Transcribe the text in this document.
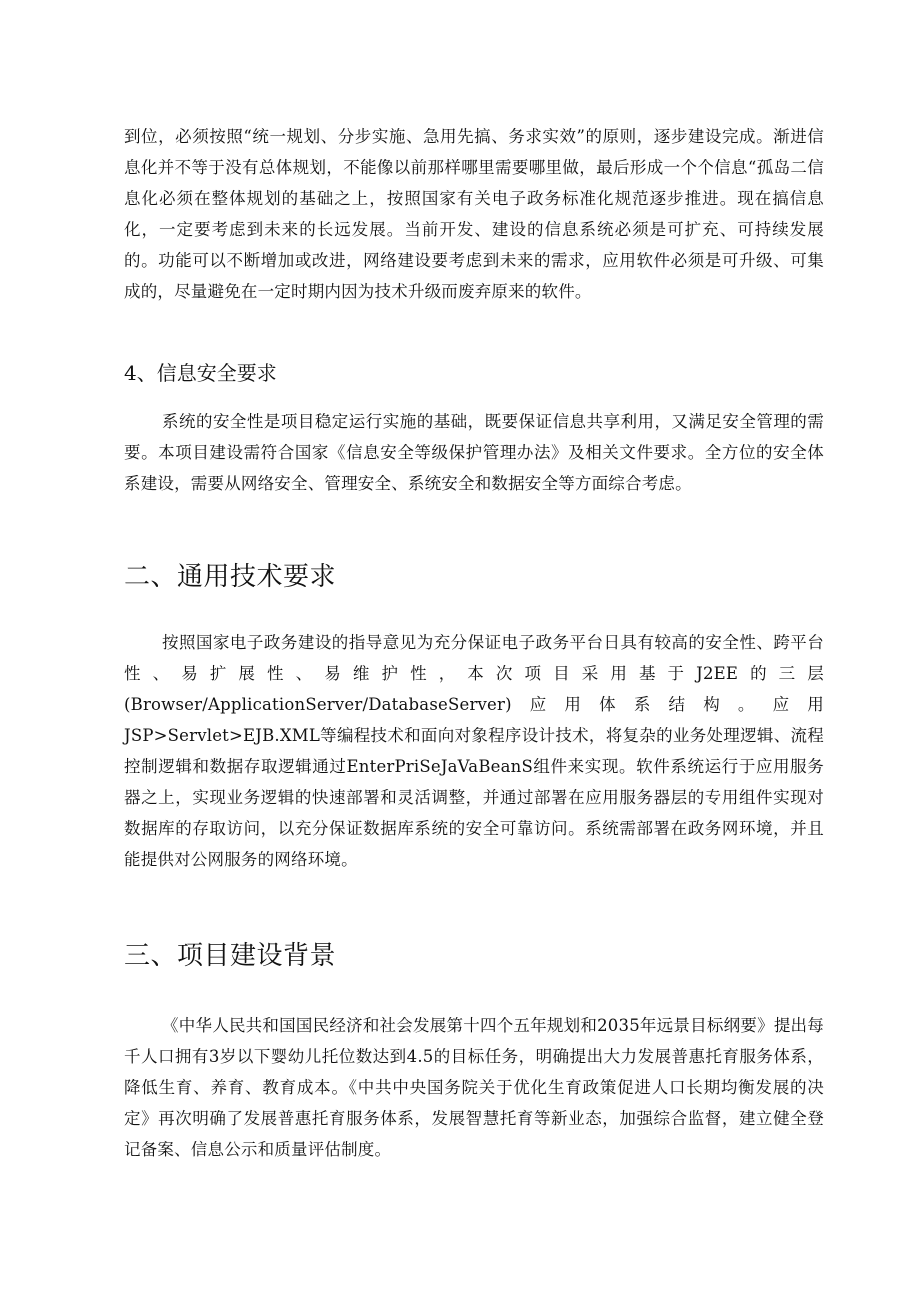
到位，必须按照“统一规划、分步实施、急用先搞、务求实效”的原则，逐步建设完成。渐进信息化并不等于没有总体规划，不能像以前那样哪里需要哪里做，最后形成一个个信息“孤岛二信息化必须在整体规划的基础之上，按照国家有关电子政务标准化规范逐步推进。现在搞信息化，一定要考虑到未来的长远发展。当前开发、建设的信息系统必须是可扩充、可持续发展的。功能可以不断增加或改进，网络建设要考虑到未来的需求，应用软件必须是可升级、可集成的，尽量避免在一定时期内因为技术升级而废弃原来的软件。

4、信息安全要求

系统的安全性是项目稳定运行实施的基础，既要保证信息共享利用，又满足安全管理的需要。本项目建设需符合国家《信息安全等级保护管理办法》及相关文件要求。全方位的安全体系建设，需要从网络安全、管理安全、系统安全和数据安全等方面综合考虑。

二、通用技术要求

按照国家电子政务建设的指导意见为充分保证电子政务平台日具有较高的安全性、跨平台性、易扩展性、易维护性，本次项目采用基于J2EE的三层(Browser/ApplicationServer/DatabaseServer)应用体系结构。应用JSP>Servlet>EJB.XML等编程技术和面向对象程序设计技术，将复杂的业务处理逻辑、流程控制逻辑和数据存取逻辑通过EnterPriSeJaVaBeanS组件来实现。软件系统运行于应用服务器之上，实现业务逻辑的快速部署和灵活调整，并通过部署在应用服务器层的专用组件实现对数据库的存取访问，以充分保证数据库系统的安全可靠访问。系统需部署在政务网环境，并且能提供对公网服务的网络环境。

三、项目建设背景

《中华人民共和国国民经济和社会发展第十四个五年规划和2035年远景目标纲要》提出每千人口拥有3岁以下婴幼儿托位数达到4.5的目标任务，明确提出大力发展普惠托育服务体系，降低生育、养育、教育成本。《中共中央国务院关于优化生育政策促进人口长期均衡发展的决定》再次明确了发展普惠托育服务体系，发展智慧托育等新业态，加强综合监督，建立健全登记备案、信息公示和质量评估制度。
